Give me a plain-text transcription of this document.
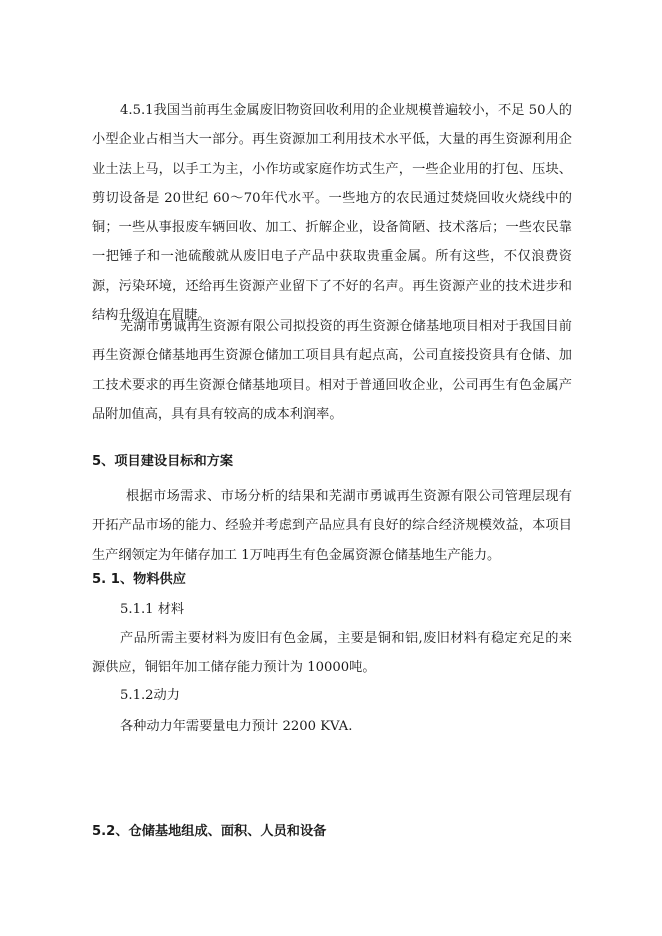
4.5.1我国当前再生金属废旧物资回收利用的企业规模普遍较小，不足 50人的小型企业占相当大一部分。再生资源加工利用技术水平低，大量的再生资源利用企业土法上马，以手工为主，小作坊或家庭作坊式生产，一些企业用的打包、压块、剪切设备是 20世纪 60～70年代水平。一些地方的农民通过焚烧回收火烧线中的铜；一些从事报废车辆回收、加工、折解企业，设备简陋、技术落后；一些农民靠一把锤子和一池硫酸就从废旧电子产品中获取贵重金属。所有这些，不仅浪费资源，污染环境，还给再生资源产业留下了不好的名声。再生资源产业的技术进步和结构升级迫在眉睫。

芜湖市勇诚再生资源有限公司拟投资的再生资源仓储基地项目相对于我国目前再生资源仓储基地再生资源仓储加工项目具有起点高，公司直接投资具有仓储、加工技术要求的再生资源仓储基地项目。相对于普通回收企业，公司再生有色金属产品附加值高，具有具有较高的成本利润率。

5、项目建设目标和方案

根据市场需求、市场分析的结果和芜湖市勇诚再生资源有限公司管理层现有开拓产品市场的能力、经验并考虑到产品应具有良好的综合经济规模效益，本项目生产纲领定为年储存加工 1万吨再生有色金属资源仓储基地生产能力。

5. 1、物料供应
5.1.1 材料

产品所需主要材料为废旧有色金属，主要是铜和铝,废旧材料有稳定充足的来源供应，铜铝年加工储存能力预计为 10000吨。

5.1.2动力

各种动力年需要量电力预计 2200 KVA.

5.2、仓储基地组成、面积、人员和设备
